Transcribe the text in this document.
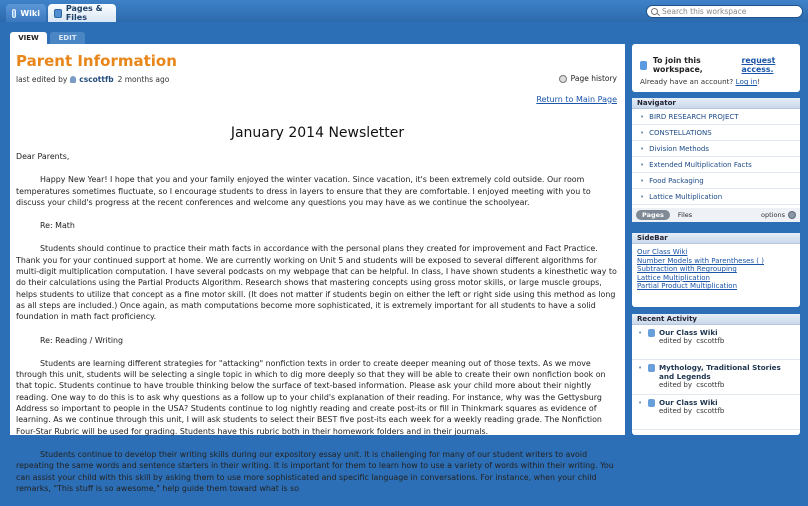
Wiki	Pages & Files
Search this workspace
VIEW	EDIT
Parent Information
last edited by cscottfb 2 months ago	Page history
Return to Main Page
January 2014 Newsletter

Dear Parents,

Happy New Year! I hope that you and your family enjoyed the winter vacation. Since vacation, it's been extremely cold outside. Our room temperatures sometimes fluctuate, so I encourage students to dress in layers to ensure that they are comfortable. I enjoyed meeting with you to discuss your child's progress at the recent conferences and welcome any questions you may have as we continue the schoolyear.

Re: Math

Students should continue to practice their math facts in accordance with the personal plans they created for improvement and Fact Practice. Thank you for your continued support at home. We are currently working on Unit 5 and students will be exposed to several different algorithms for multi-digit multiplication computation. I have several podcasts on my webpage that can be helpful. In class, I have shown students a kinesthetic way to do their calculations using the Partial Products Algorithm. Research shows that mastering concepts using gross motor skills, or large muscle groups, helps students to utilize that concept as a fine motor skill. (It does not matter if students begin on either the left or right side using this method as long as all steps are included.) Once again, as math computations become more sophisticated, it is extremely important for all students to have a solid foundation in math fact proficiency.

Re: Reading / Writing

Students are learning different strategies for "attacking" nonfiction texts in order to create deeper meaning out of those texts. As we move through this unit, students will be selecting a single topic in which to dig more deeply so that they will be able to create their own nonfiction book on that topic. Students continue to have trouble thinking below the surface of text-based information. Please ask your child more about their nightly reading. One way to do this is to ask why questions as a follow up to your child's explanation of their reading. For instance, why was the Gettysburg Address so important to people in the USA? Students continue to log nightly reading and create post-its or fill in Thinkmark squares as evidence of learning. As we continue through this unit, I will ask students to select their BEST five post-its each week for a weekly reading grade. The Nonfiction Four-Star Rubric will be used for grading. Students have this rubric both in their homework folders and in their journals.

Students continue to develop their writing skills during our expository essay unit. It is challenging for many of our student writers to avoid repeating the same words and sentence starters in their writing. It is important for them to learn how to use a variety of words within their writing. You can assist your child with this skill by asking them to use more sophisticated and specific language in conversations. For instance, when your child remarks, "This stuff is so awesome," help guide them toward what is so

To join this workspace,
request access.
Already have an account? Log in!
Navigator
• BIRD RESEARCH PROJECT
• CONSTELLATIONS
• Division Methods
• Extended Multiplication Facts
• Food Packaging
• Lattice Multiplication
Pages	Files	options
SideBar
Our Class Wiki
Number Models with Parentheses ( )
Subtraction with Regrouping
Lattice Multiplication
Partial Product Multiplication
Recent Activity
• Our Class Wiki
edited by cscottfb
• Mythology, Traditional Stories and Legends
edited by cscottfb
• Our Class Wiki
edited by cscottfb
